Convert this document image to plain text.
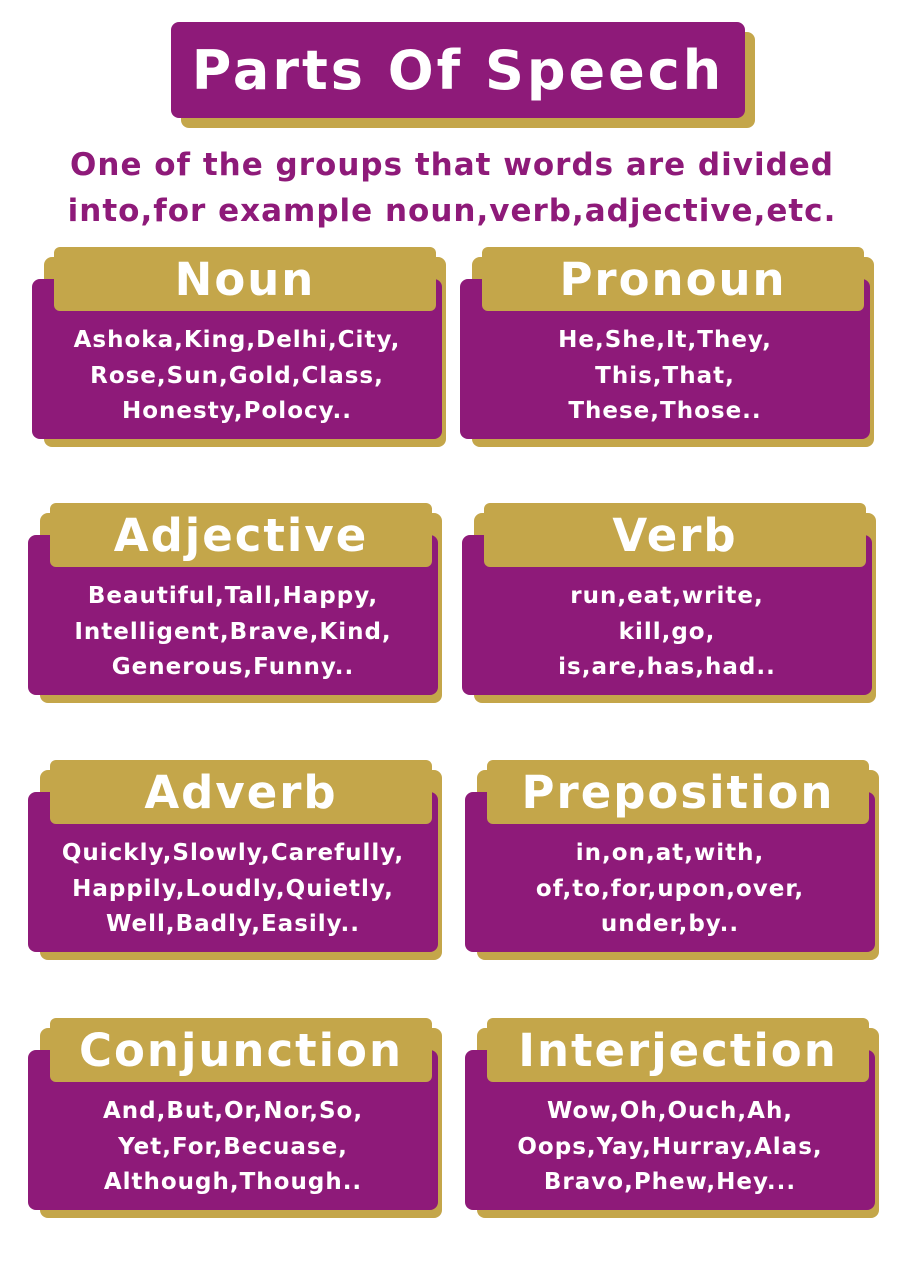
Parts Of Speech
One of the groups that words are divided
into,for example noun,verb,adjective,etc.
Ashoka,King,Delhi,City,
Rose,Sun,Gold,Class,
Honesty,Polocy..
Noun
He,She,It,They,
This,That,
These,Those..
Pronoun
Beautiful,Tall,Happy,
Intelligent,Brave,Kind,
Generous,Funny..
Adjective
run,eat,write,
kill,go,
is,are,has,had..
Verb
Quickly,Slowly,Carefully,
Happily,Loudly,Quietly,
Well,Badly,Easily..
Adverb
in,on,at,with,
of,to,for,upon,over,
under,by..
Preposition
And,But,Or,Nor,So,
Yet,For,Becuase,
Although,Though..
Conjunction
Wow,Oh,Ouch,Ah,
Oops,Yay,Hurray,Alas,
Bravo,Phew,Hey...
Interjection
